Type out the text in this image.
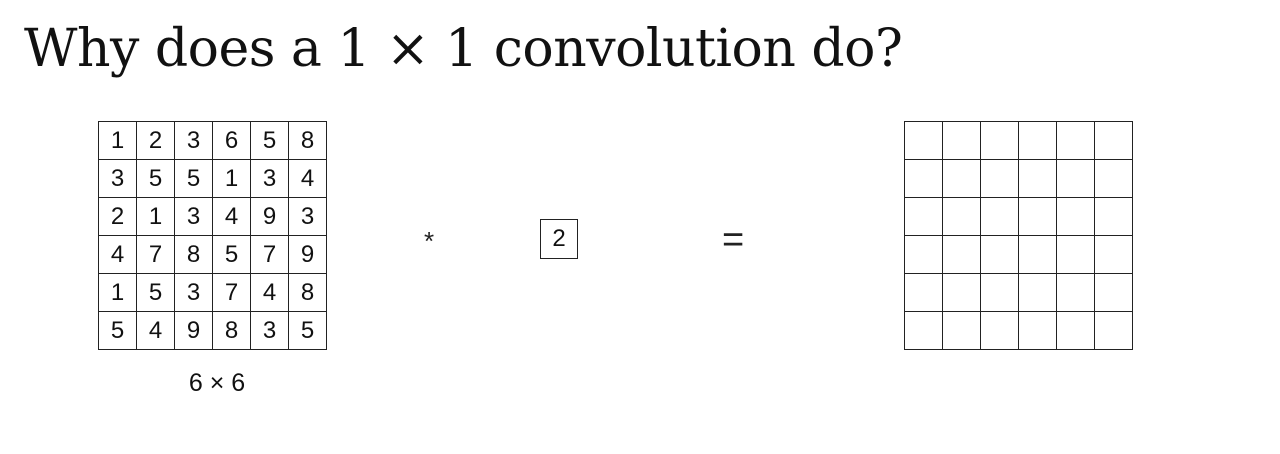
Why does a 1 × 1 convolution do?
1	2	3	6	5	8
3	5	5	1	3	4
2	1	3	4	9	3
4	7	8	5	7	9
1	5	3	7	4	8
5	4	9	8	3	5
6 × 6
*	2	=
